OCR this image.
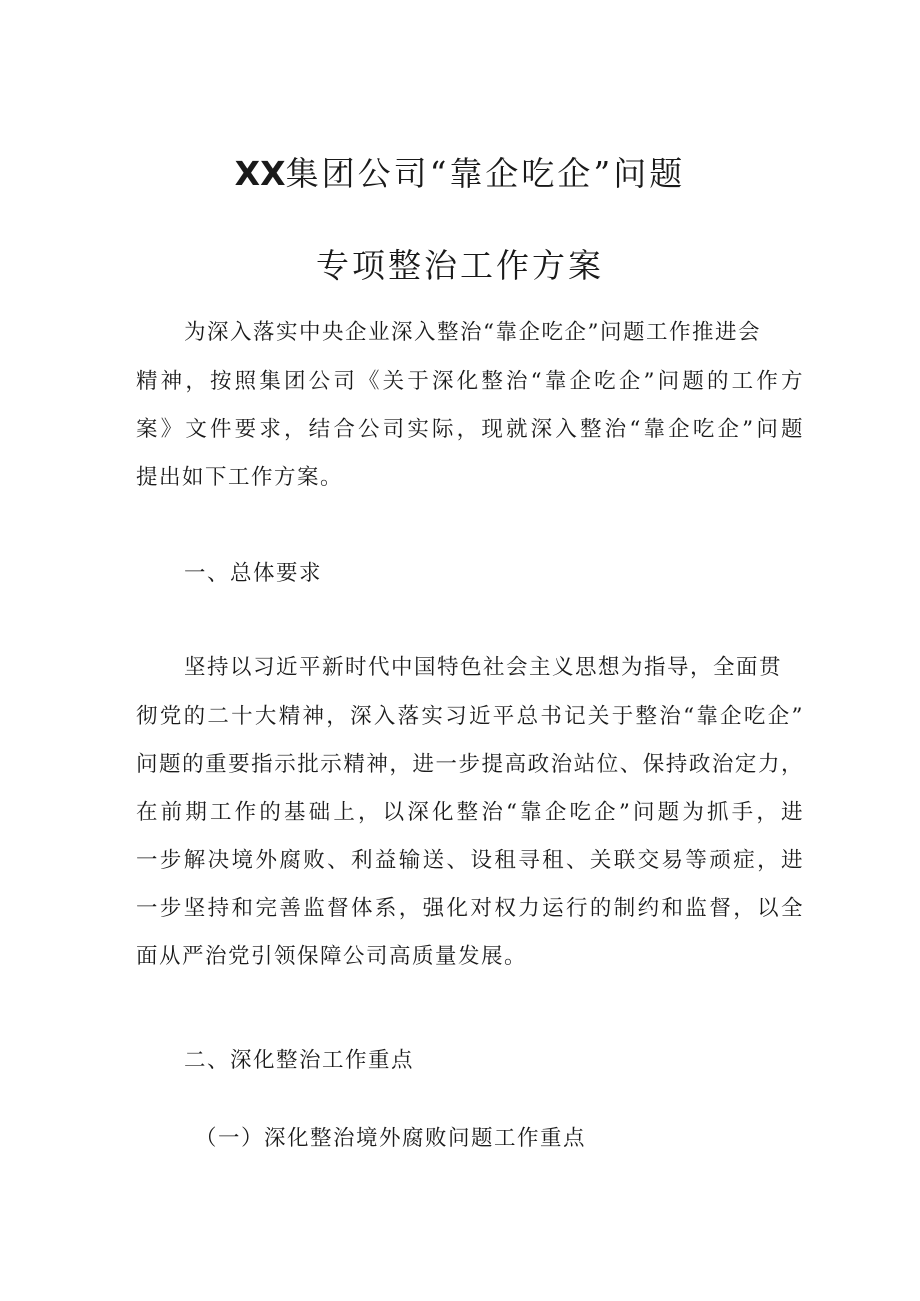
XX集团公司“靠企吃企”问题
专项整治工作方案
为深入落实中央企业深入整治“靠企吃企”问题工作推进会
精神，按照集团公司《关于深化整治“靠企吃企”问题的工作方
案》文件要求，结合公司实际，现就深入整治“靠企吃企”问题
提出如下工作方案。
一、总体要求
坚持以习近平新时代中国特色社会主义思想为指导，全面贯
彻党的二十大精神，深入落实习近平总书记关于整治“靠企吃企”
问题的重要指示批示精神，进一步提高政治站位、保持政治定力，
在前期工作的基础上，以深化整治“靠企吃企”问题为抓手，进
一步解决境外腐败、利益输送、设租寻租、关联交易等顽症，进
一步坚持和完善监督体系，强化对权力运行的制约和监督，以全
面从严治党引领保障公司高质量发展。
二、深化整治工作重点
（一）深化整治境外腐败问题工作重点
